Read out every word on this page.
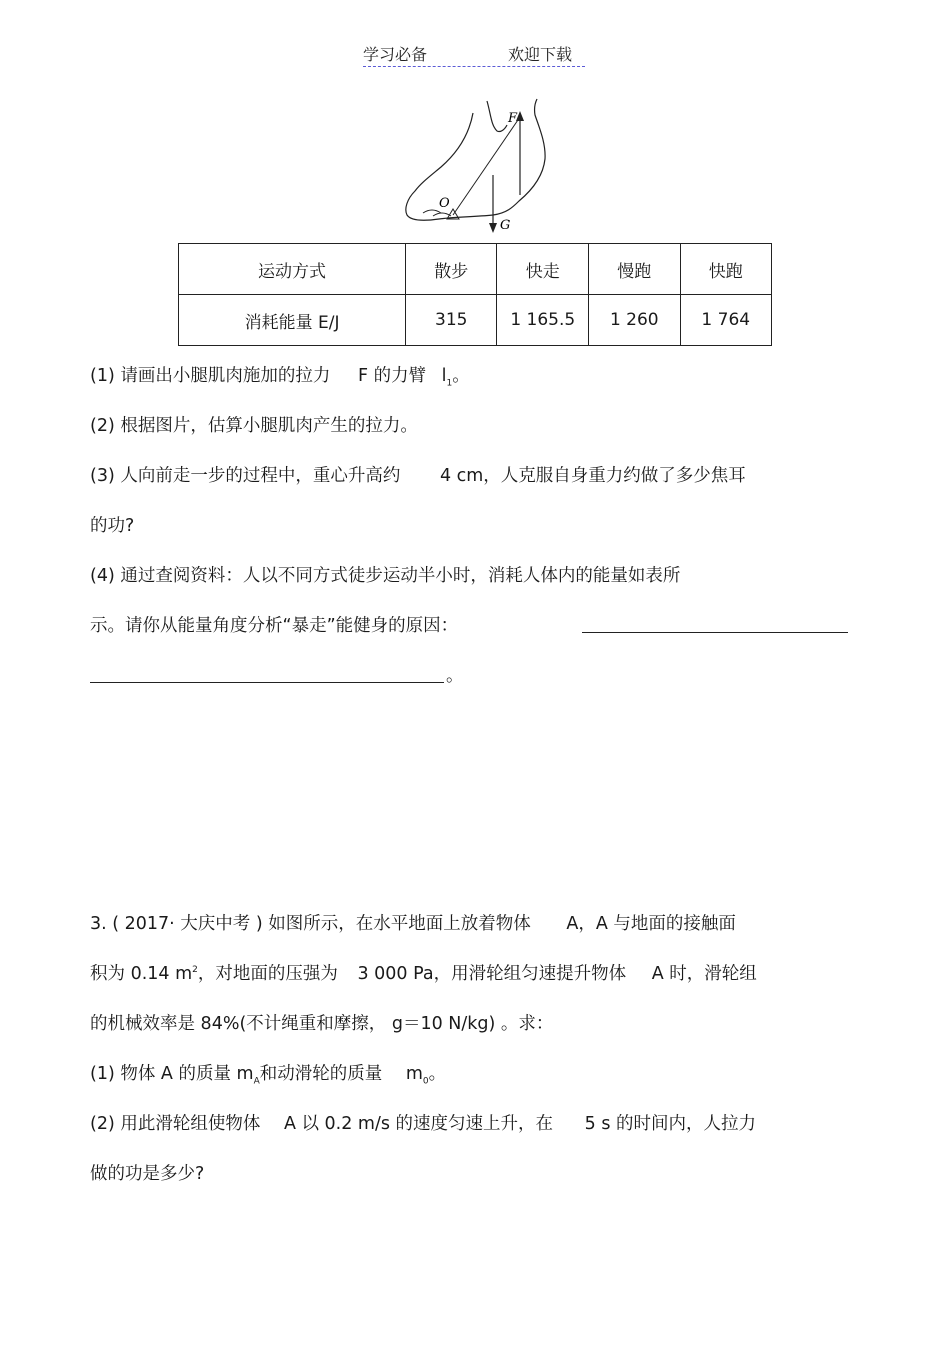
学习必备	欢迎下载
F
G
O
运动方式	散步	快走	慢跑	快跑
消耗能量 E/J	315	1 165.5	1 260	1 764
(1) 请画出小腿肌肉施加的拉力 F 的力臂 $l_1$。
(2) 根据图片，估算小腿肌肉产生的拉力。
(3) 人向前走一步的过程中，重心升高约 4 cm，人克服自身重力约做了多少焦耳
的功?
(4) 通过查阅资料：人以不同方式徒步运动半小时，消耗人体内的能量如表所
示。请你从能量角度分析“暴走”能健身的原因：
。
3. ( 2017· 大庆中考 ) 如图所示，在水平地面上放着物体 A，A 与地面的接触面
积为 0.14 $m^2$，对地面的压强为 3 000 Pa，用滑轮组匀速提升物体 A 时，滑轮组
的机械效率是 84%(不计绳重和摩擦， g＝10 N/kg) 。求：
(1) 物体 A 的质量 $m_A$和动滑轮的质量 $m_0$。
(2) 用此滑轮组使物体 A 以 0.2 m/s 的速度匀速上升，在 5 s 的时间内，人拉力
做的功是多少?
